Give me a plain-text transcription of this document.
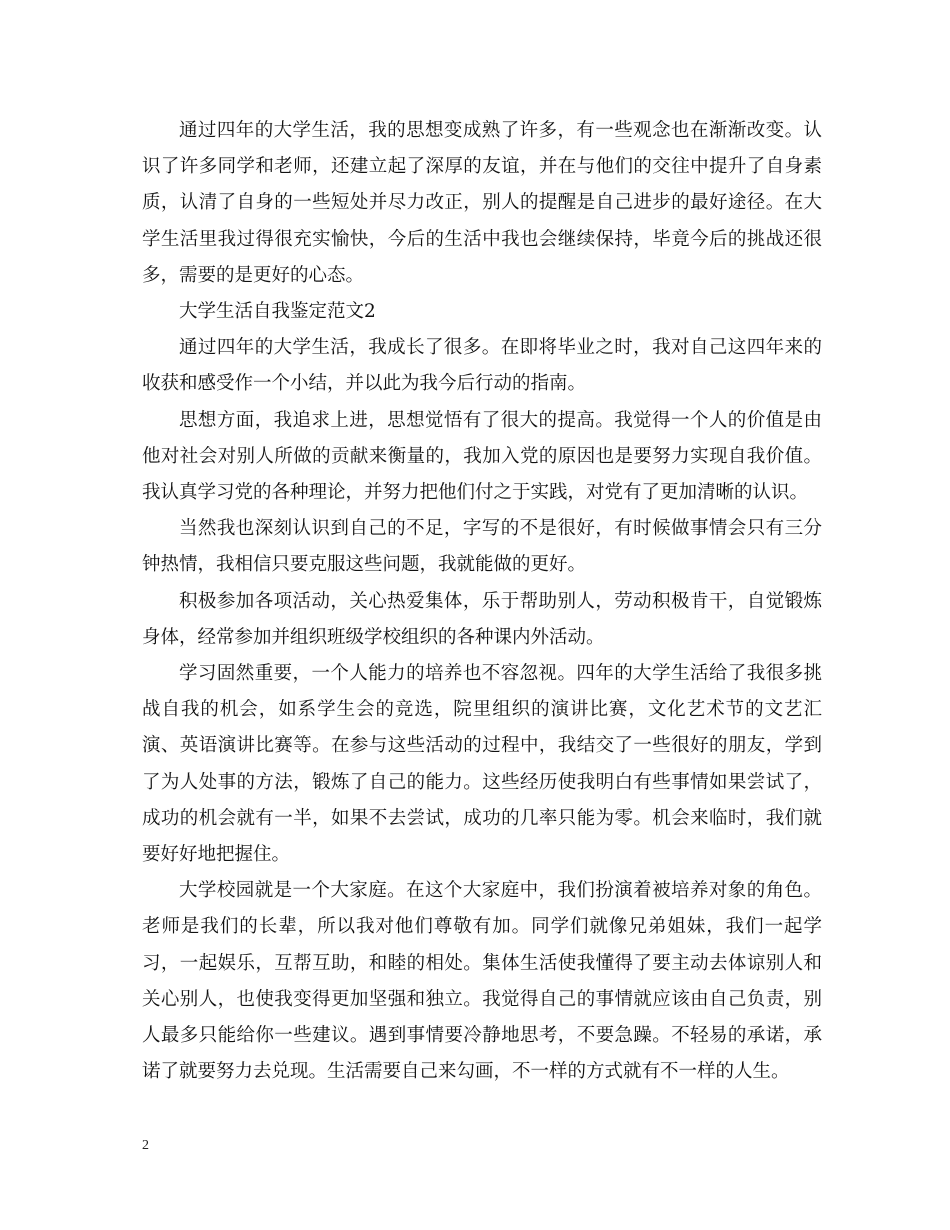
通过四年的大学生活，我的思想变成熟了许多，有一些观念也在渐渐改变。认识了许多同学和老师，还建立起了深厚的友谊，并在与他们的交往中提升了自身素质，认清了自身的一些短处并尽力改正，别人的提醒是自己进步的最好途径。在大学生活里我过得很充实愉快，今后的生活中我也会继续保持，毕竟今后的挑战还很多，需要的是更好的心态。

大学生活自我鉴定范文2

通过四年的大学生活，我成长了很多。在即将毕业之时，我对自己这四年来的收获和感受作一个小结，并以此为我今后行动的指南。

思想方面，我追求上进，思想觉悟有了很大的提高。我觉得一个人的价值是由他对社会对别人所做的贡献来衡量的，我加入党的原因也是要努力实现自我价值。我认真学习党的各种理论，并努力把他们付之于实践，对党有了更加清晰的认识。

当然我也深刻认识到自己的不足，字写的不是很好，有时候做事情会只有三分钟热情，我相信只要克服这些问题，我就能做的更好。

积极参加各项活动，关心热爱集体，乐于帮助别人，劳动积极肯干，自觉锻炼身体，经常参加并组织班级学校组织的各种课内外活动。

学习固然重要，一个人能力的培养也不容忽视。四年的大学生活给了我很多挑战自我的机会，如系学生会的竞选，院里组织的演讲比赛，文化艺术节的文艺汇演、英语演讲比赛等。在参与这些活动的过程中，我结交了一些很好的朋友，学到了为人处事的方法，锻炼了自己的能力。这些经历使我明白有些事情如果尝试了，成功的机会就有一半，如果不去尝试，成功的几率只能为零。机会来临时，我们就要好好地把握住。

大学校园就是一个大家庭。在这个大家庭中，我们扮演着被培养对象的角色。老师是我们的长辈，所以我对他们尊敬有加。同学们就像兄弟姐妹，我们一起学习，一起娱乐，互帮互助，和睦的相处。集体生活使我懂得了要主动去体谅别人和关心别人，也使我变得更加坚强和独立。我觉得自己的事情就应该由自己负责，别人最多只能给你一些建议。遇到事情要冷静地思考，不要急躁。不轻易的承诺，承诺了就要努力去兑现。生活需要自己来勾画，不一样的方式就有不一样的人生。

2
